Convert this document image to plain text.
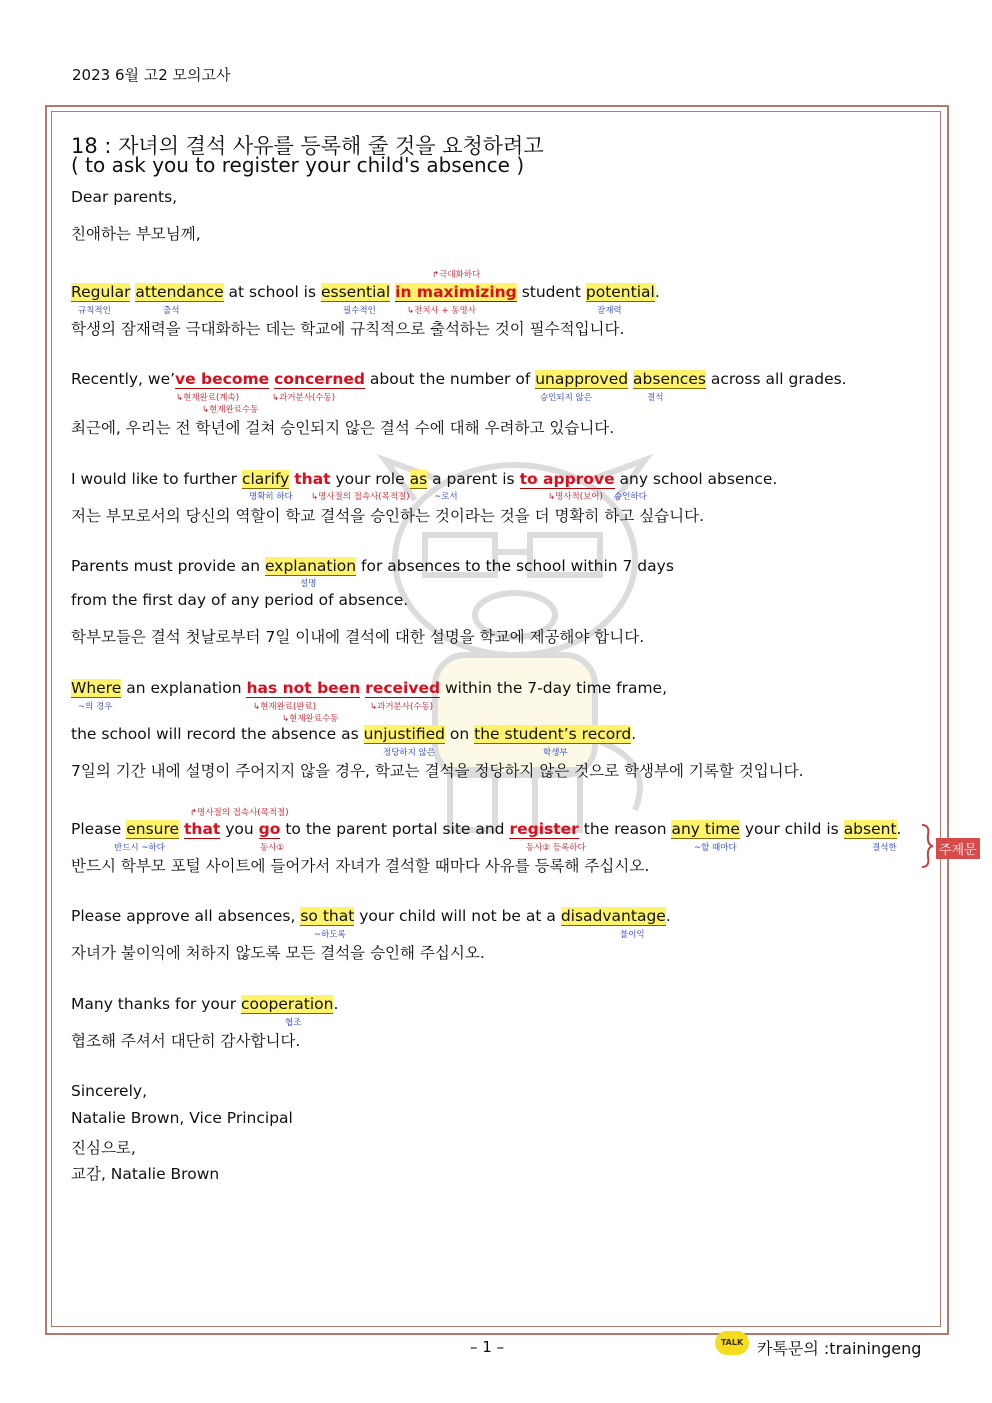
2023 6월 고2 모의고사
18 : 자녀의 결석 사유를 등록해 줄 것을 요청하려고
( to ask you to register your child's absence )
Dear parents,
친애하는 부모님께,
↱극대화하다
Regular attendance at school is essential in maximizing student potential.
규칙적인	출석	필수적인	↳전치사 + 동명사	잠재력
학생의 잠재력을 극대화하는 데는 학교에 규칙적으로 출석하는 것이 필수적입니다.
Recently, we’ve become concerned about the number of unapproved absences across all grades.
↳현재완료(계속)	↳과거분사(수동)
↳현재완료수동
승인되지 않은	결석
최근에, 우리는 전 학년에 걸쳐 승인되지 않은 결석 수에 대해 우려하고 있습니다.
I would like to further clarify that your role as a parent is to approve any school absence.
명확히 하다 ↳명사절의 접속사(목적절)	~로서	↳명사적(보어) 승인하다
저는 부모로서의 당신의 역할이 학교 결석을 승인하는 것이라는 것을 더 명확히 하고 싶습니다.
Parents must provide an explanation for absences to the school within 7 days
설명
from the first day of any period of absence.
학부모들은 결석 첫날로부터 7일 이내에 결석에 대한 설명을 학교에 제공해야 합니다.
Where an explanation has not been received within the 7-day time frame,
~의 경우	↳현재완료(완료)	↳과거분사(수동)
↳현재완료수동
the school will record the absence as unjustified on the student’s record.
정당하지 않은	학생부
7일의 기간 내에 설명이 주어지지 않을 경우, 학교는 결석을 정당하지 않은 것으로 학생부에 기록할 것입니다.
↱명사절의 접속사(목적절)
Please ensure that you go to the parent portal site and register the reason any time your child is absent.
반드시 ~하다	동사①	동사② 등록하다	~할 때마다	결석한
반드시 학부모 포털 사이트에 들어가서 자녀가 결석할 때마다 사유를 등록해 주십시오.
주제문
Please approve all absences, so that your child will not be at a disadvantage.
~하도록	불이익
자녀가 불이익에 처하지 않도록 모든 결석을 승인해 주십시오.
Many thanks for your cooperation.
협조
협조해 주셔서 대단히 감사합니다.
Sincerely,
Natalie Brown, Vice Principal
진심으로,
교감, Natalie Brown
– 1 –	TALK 카톡문의 :trainingeng
